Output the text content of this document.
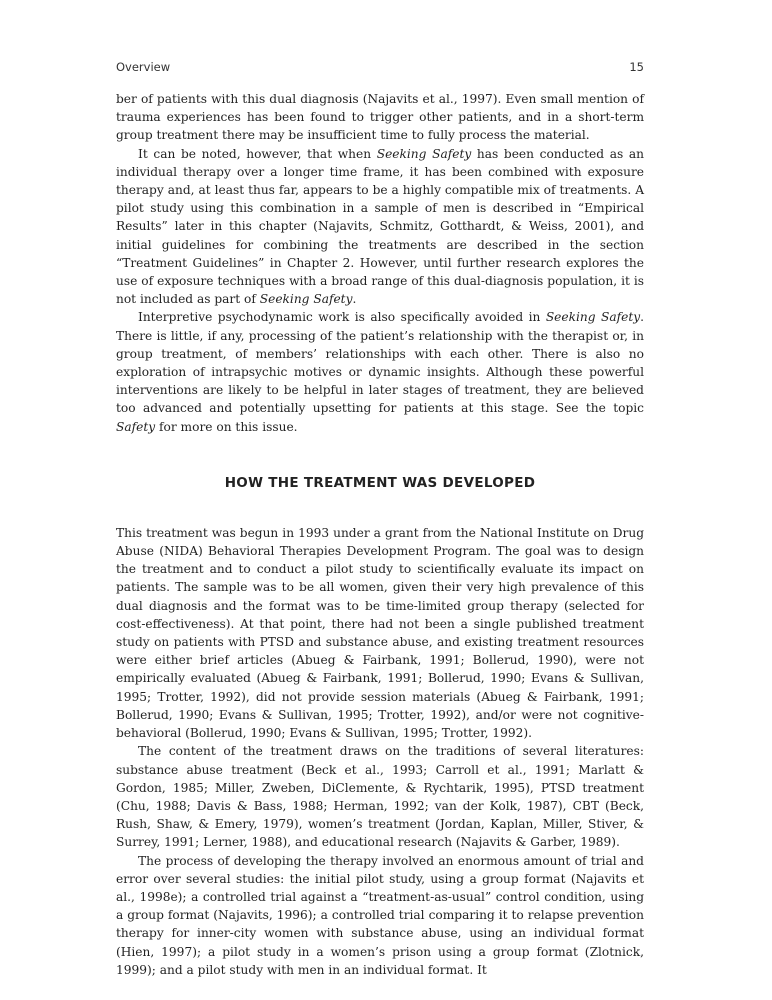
Overview	15

ber of patients with this dual diagnosis (Najavits et al., 1997). Even small mention of trauma experiences has been found to trigger other patients, and in a short-term group treatment there may be insufficient time to fully process the material.

It can be noted, however, that when Seeking Safety has been conducted as an individual therapy over a longer time frame, it has been combined with exposure therapy and, at least thus far, appears to be a highly compatible mix of treatments. A pilot study using this combination in a sample of men is described in “Empirical Results” later in this chapter (Najavits, Schmitz, Gotthardt, & Weiss, 2001), and initial guidelines for combining the treatments are described in the section “Treatment Guidelines” in Chapter 2. However, until further research explores the use of exposure techniques with a broad range of this dual-diagnosis population, it is not included as part of Seeking Safety.

Interpretive psychodynamic work is also specifically avoided in Seeking Safety. There is little, if any, processing of the patient’s relationship with the therapist or, in group treatment, of members’ relationships with each other. There is also no exploration of intrapsychic motives or dynamic insights. Although these powerful interventions are likely to be helpful in later stages of treatment, they are believed too advanced and potentially upsetting for patients at this stage. See the topic Safety for more on this issue.

HOW THE TREATMENT WAS DEVELOPED

This treatment was begun in 1993 under a grant from the National Institute on Drug Abuse (NIDA) Behavioral Therapies Development Program. The goal was to design the treatment and to conduct a pilot study to scientifically evaluate its impact on patients. The sample was to be all women, given their very high prevalence of this dual diagnosis and the format was to be time-limited group therapy (selected for cost-effectiveness). At that point, there had not been a single published treatment study on patients with PTSD and substance abuse, and existing treatment resources were either brief articles (Abueg & Fairbank, 1991; Bollerud, 1990), were not empirically evaluated (Abueg & Fairbank, 1991; Bollerud, 1990; Evans & Sullivan, 1995; Trotter, 1992), did not provide session materials (Abueg & Fairbank, 1991; Bollerud, 1990; Evans & Sullivan, 1995; Trotter, 1992), and/or were not cognitive-behavioral (Bollerud, 1990; Evans & Sullivan, 1995; Trotter, 1992).

The content of the treatment draws on the traditions of several literatures: substance abuse treatment (Beck et al., 1993; Carroll et al., 1991; Marlatt & Gordon, 1985; Miller, Zweben, DiClemente, & Rychtarik, 1995), PTSD treatment (Chu, 1988; Davis & Bass, 1988; Herman, 1992; van der Kolk, 1987), CBT (Beck, Rush, Shaw, & Emery, 1979), women’s treatment (Jordan, Kaplan, Miller, Stiver, & Surrey, 1991; Lerner, 1988), and educational research (Najavits & Garber, 1989).

The process of developing the therapy involved an enormous amount of trial and error over several studies: the initial pilot study, using a group format (Najavits et al., 1998e); a controlled trial against a “treatment-as-usual” control condition, using a group format (Najavits, 1996); a controlled trial comparing it to relapse prevention therapy for inner-city women with substance abuse, using an individual format (Hien, 1997); a pilot study in a women’s prison using a group format (Zlotnick, 1999); and a pilot study with men in an individual format. It
